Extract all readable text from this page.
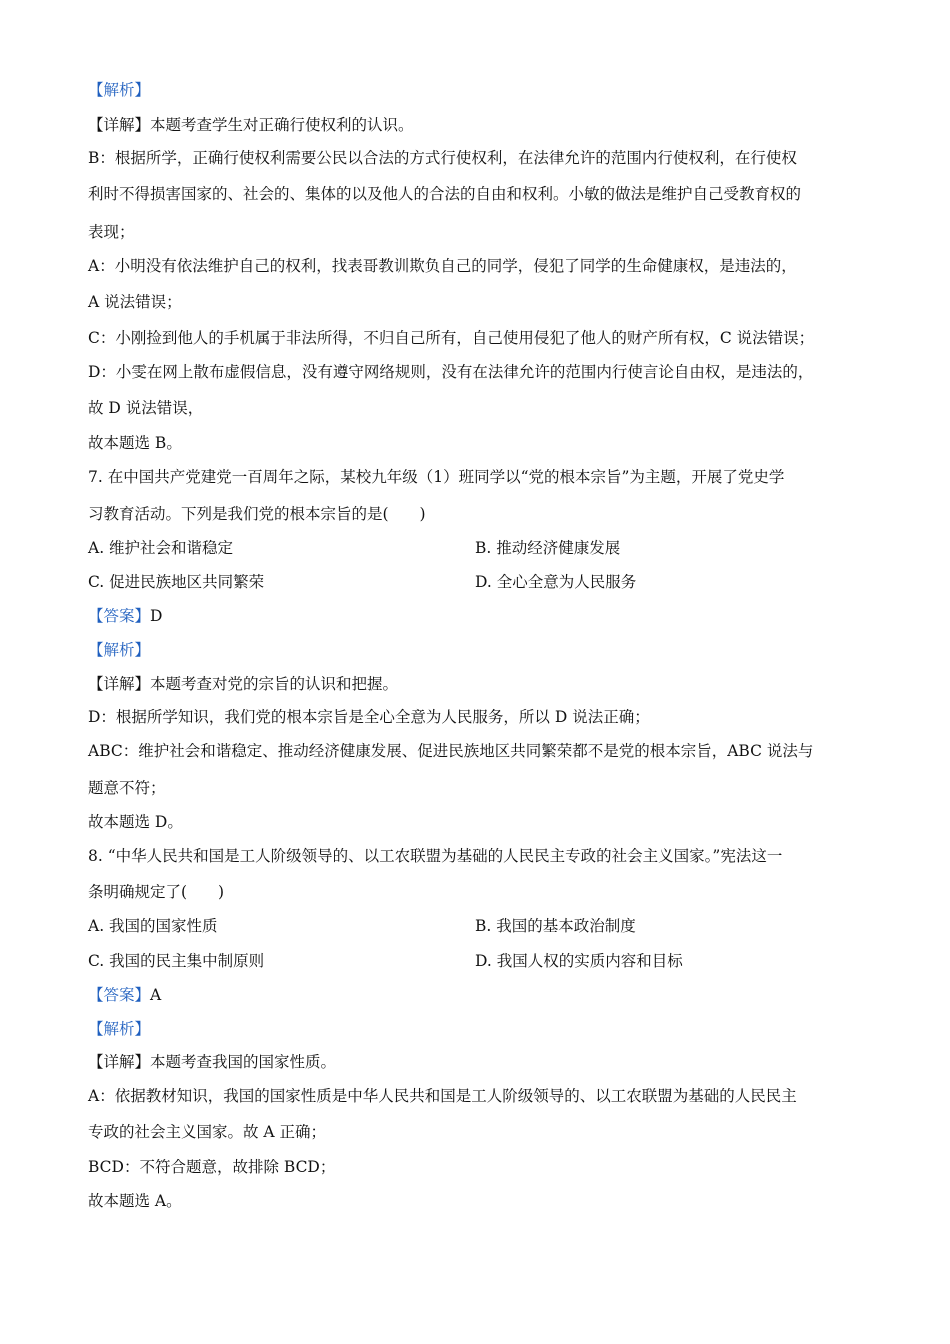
【解析】
【详解】本题考查学生对正确行使权利的认识。
B：根据所学，正确行使权利需要公民以合法的方式行使权利，在法律允许的范围内行使权利，在行使权
利时不得损害国家的、社会的、集体的以及他人的合法的自由和权利。小敏的做法是维护自己受教育权的
表现；
A：小明没有依法维护自己的权利，找表哥教训欺负自己的同学，侵犯了同学的生命健康权，是违法的，
A 说法错误；
C：小刚捡到他人的手机属于非法所得，不归自己所有，自己使用侵犯了他人的财产所有权，C 说法错误；
D：小雯在网上散布虚假信息，没有遵守网络规则，没有在法律允许的范围内行使言论自由权，是违法的，
故 D 说法错误，
故本题选 B。
7. 在中国共产党建党一百周年之际，某校九年级（1）班同学以“党的根本宗旨”为主题，开展了党史学
习教育活动。下列是我们党的根本宗旨的是(　　)
A. 维护社会和谐稳定	B. 推动经济健康发展
C. 促进民族地区共同繁荣	D. 全心全意为人民服务
【答案】D
【解析】
【详解】本题考查对党的宗旨的认识和把握。
D：根据所学知识，我们党的根本宗旨是全心全意为人民服务，所以 D 说法正确；
ABC：维护社会和谐稳定、推动经济健康发展、促进民族地区共同繁荣都不是党的根本宗旨，ABC 说法与
题意不符；
故本题选 D。
8. “中华人民共和国是工人阶级领导的、以工农联盟为基础的人民民主专政的社会主义国家。”宪法这一
条明确规定了(　　)
A. 我国的国家性质	B. 我国的基本政治制度
C. 我国的民主集中制原则	D. 我国人权的实质内容和目标
【答案】A
【解析】
【详解】本题考查我国的国家性质。
A：依据教材知识，我国的国家性质是中华人民共和国是工人阶级领导的、以工农联盟为基础的人民民主
专政的社会主义国家。故 A 正确；
BCD：不符合题意，故排除 BCD；
故本题选 A。
